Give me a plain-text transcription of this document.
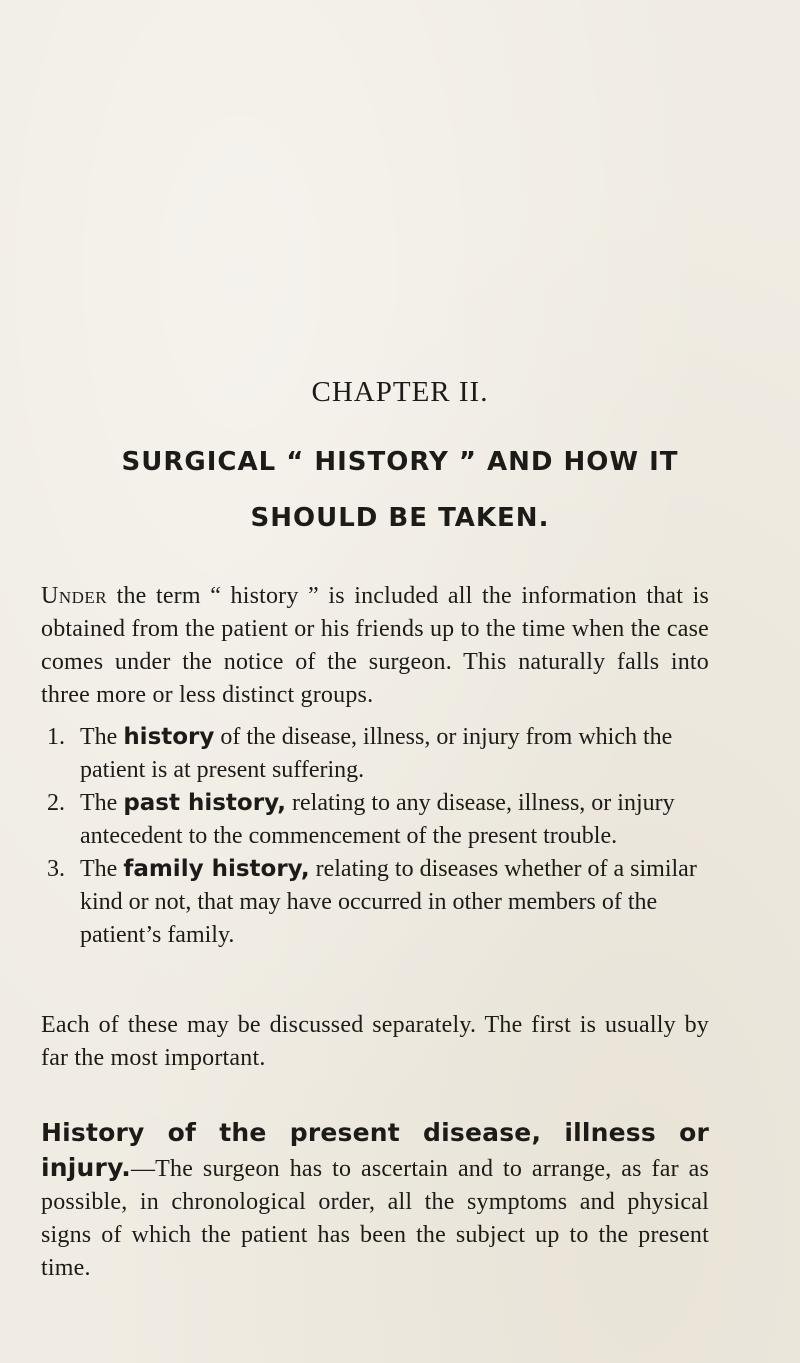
CHAPTER II.
SURGICAL “ HISTORY ” AND HOW IT
SHOULD BE TAKEN.

Under the term “ history ” is included all the information that is obtained from the patient or his friends up to the time when the case comes under the notice of the surgeon. This naturally falls into three more or less distinct groups.

1. The history of the disease, illness, or injury from which the patient is at present suffering.
2. The past history, relating to any disease, illness, or injury antecedent to the commencement of the present trouble.
3. The family history, relating to diseases whether of a similar kind or not, that may have occurred in other members of the patient’s family.

Each of these may be discussed separately. The first is usually by far the most important.

History of the present disease, illness or injury.—The surgeon has to ascertain and to arrange, as far as possible, in chronological order, all the symptoms and physical signs of which the patient has been the subject up to the present time.
